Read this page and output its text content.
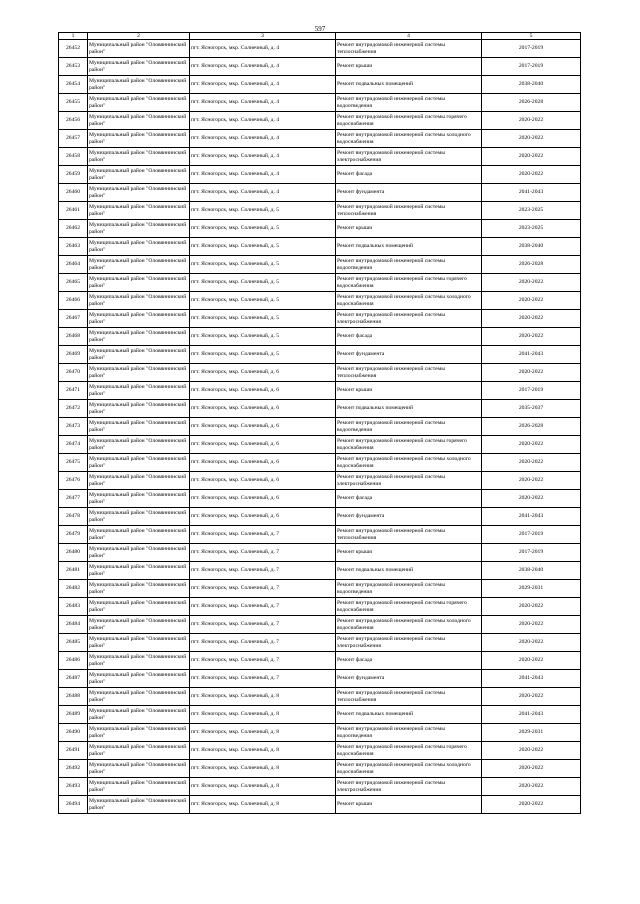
597
1	2	3	4	5
26452	Муниципальный район "Оловяннинский район"	пгт. Ясногорск, мкр. Солнечный, д. 4	Ремонт внутридомовой инженерной системы теплоснабжения	2017-2019
26453	Муниципальный район "Оловяннинский район"	пгт. Ясногорск, мкр. Солнечный, д. 4	Ремонт крыши	2017-2019
26454	Муниципальный район "Оловяннинский район"	пгт. Ясногорск, мкр. Солнечный, д. 4	Ремонт подвальных помещений	2038-2040
26455	Муниципальный район "Оловяннинский район"	пгт. Ясногорск, мкр. Солнечный, д. 4	Ремонт внутридомовой инженерной системы водоотведения	2026-2028
26456	Муниципальный район "Оловяннинский район"	пгт. Ясногорск, мкр. Солнечный, д. 4	Ремонт внутридомовой инженерной системы горячего водоснабжения	2020-2022
26457	Муниципальный район "Оловяннинский район"	пгт. Ясногорск, мкр. Солнечный, д. 4	Ремонт внутридомовой инженерной системы холодного водоснабжения	2020-2022
26458	Муниципальный район "Оловяннинский район"	пгт. Ясногорск, мкр. Солнечный, д. 4	Ремонт внутридомовой инженерной системы электроснабжения	2020-2022
26459	Муниципальный район "Оловяннинский район"	пгт. Ясногорск, мкр. Солнечный, д. 4	Ремонт фасада	2020-2022
26460	Муниципальный район "Оловяннинский район"	пгт. Ясногорск, мкр. Солнечный, д. 4	Ремонт фундамента	2041-2043
26461	Муниципальный район "Оловяннинский район"	пгт. Ясногорск, мкр. Солнечный, д. 5	Ремонт внутридомовой инженерной системы теплоснабжения	2023-2025
26462	Муниципальный район "Оловяннинский район"	пгт. Ясногорск, мкр. Солнечный, д. 5	Ремонт крыши	2023-2025
26463	Муниципальный район "Оловяннинский район"	пгт. Ясногорск, мкр. Солнечный, д. 5	Ремонт подвальных помещений	2038-2040
26464	Муниципальный район "Оловяннинский район"	пгт. Ясногорск, мкр. Солнечный, д. 5	Ремонт внутридомовой инженерной системы водоотведения	2026-2028
26465	Муниципальный район "Оловяннинский район"	пгт. Ясногорск, мкр. Солнечный, д. 5	Ремонт внутридомовой инженерной системы горячего водоснабжения	2020-2022
26466	Муниципальный район "Оловяннинский район"	пгт. Ясногорск, мкр. Солнечный, д. 5	Ремонт внутридомовой инженерной системы холодного водоснабжения	2020-2022
26467	Муниципальный район "Оловяннинский район"	пгт. Ясногорск, мкр. Солнечный, д. 5	Ремонт внутридомовой инженерной системы электроснабжения	2020-2022
26468	Муниципальный район "Оловяннинский район"	пгт. Ясногорск, мкр. Солнечный, д. 5	Ремонт фасада	2020-2022
26469	Муниципальный район "Оловяннинский район"	пгт. Ясногорск, мкр. Солнечный, д. 5	Ремонт фундамента	2041-2043
26470	Муниципальный район "Оловяннинский район"	пгт. Ясногорск, мкр. Солнечный, д. 6	Ремонт внутридомовой инженерной системы теплоснабжения	2020-2022
26471	Муниципальный район "Оловяннинский район"	пгт. Ясногорск, мкр. Солнечный, д. 6	Ремонт крыши	2017-2019
26472	Муниципальный район "Оловяннинский район"	пгт. Ясногорск, мкр. Солнечный, д. 6	Ремонт подвальных помещений	2035-2037
26473	Муниципальный район "Оловяннинский район"	пгт. Ясногорск, мкр. Солнечный, д. 6	Ремонт внутридомовой инженерной системы водоотведения	2026-2028
26474	Муниципальный район "Оловяннинский район"	пгт. Ясногорск, мкр. Солнечный, д. 6	Ремонт внутридомовой инженерной системы горячего водоснабжения	2020-2022
26475	Муниципальный район "Оловяннинский район"	пгт. Ясногорск, мкр. Солнечный, д. 6	Ремонт внутридомовой инженерной системы холодного водоснабжения	2020-2022
26476	Муниципальный район "Оловяннинский район"	пгт. Ясногорск, мкр. Солнечный, д. 6	Ремонт внутридомовой инженерной системы электроснабжения	2020-2022
26477	Муниципальный район "Оловяннинский район"	пгт. Ясногорск, мкр. Солнечный, д. 6	Ремонт фасада	2020-2022
26478	Муниципальный район "Оловяннинский район"	пгт. Ясногорск, мкр. Солнечный, д. 6	Ремонт фундамента	2041-2043
26479	Муниципальный район "Оловяннинский район"	пгт. Ясногорск, мкр. Солнечный, д. 7	Ремонт внутридомовой инженерной системы теплоснабжения	2017-2019
26480	Муниципальный район "Оловяннинский район"	пгт. Ясногорск, мкр. Солнечный, д. 7	Ремонт крыши	2017-2019
26481	Муниципальный район "Оловяннинский район"	пгт. Ясногорск, мкр. Солнечный, д. 7	Ремонт подвальных помещений	2038-2040
26482	Муниципальный район "Оловяннинский район"	пгт. Ясногорск, мкр. Солнечный, д. 7	Ремонт внутридомовой инженерной системы водоотведения	2029-2031
26483	Муниципальный район "Оловяннинский район"	пгт. Ясногорск, мкр. Солнечный, д. 7	Ремонт внутридомовой инженерной системы горячего водоснабжения	2020-2022
26484	Муниципальный район "Оловяннинский район"	пгт. Ясногорск, мкр. Солнечный, д. 7	Ремонт внутридомовой инженерной системы холодного водоснабжения	2020-2022
26485	Муниципальный район "Оловяннинский район"	пгт. Ясногорск, мкр. Солнечный, д. 7	Ремонт внутридомовой инженерной системы электроснабжения	2020-2022
26486	Муниципальный район "Оловяннинский район"	пгт. Ясногорск, мкр. Солнечный, д. 7	Ремонт фасада	2020-2022
26487	Муниципальный район "Оловяннинский район"	пгт. Ясногорск, мкр. Солнечный, д. 7	Ремонт фундамента	2041-2043
26488	Муниципальный район "Оловяннинский район"	пгт. Ясногорск, мкр. Солнечный, д. 8	Ремонт внутридомовой инженерной системы теплоснабжения	2020-2022
26489	Муниципальный район "Оловяннинский район"	пгт. Ясногорск, мкр. Солнечный, д. 8	Ремонт подвальных помещений	2041-2043
26490	Муниципальный район "Оловяннинский район"	пгт. Ясногорск, мкр. Солнечный, д. 8	Ремонт внутридомовой инженерной системы водоотведения	2029-2031
26491	Муниципальный район "Оловяннинский район"	пгт. Ясногорск, мкр. Солнечный, д. 8	Ремонт внутридомовой инженерной системы горячего водоснабжения	2020-2022
26492	Муниципальный район "Оловяннинский район"	пгт. Ясногорск, мкр. Солнечный, д. 8	Ремонт внутридомовой инженерной системы холодного водоснабжения	2020-2022
26493	Муниципальный район "Оловяннинский район"	пгт. Ясногорск, мкр. Солнечный, д. 8	Ремонт внутридомовой инженерной системы электроснабжения	2020-2022
26494	Муниципальный район "Оловяннинский район"	пгт. Ясногорск, мкр. Солнечный, д. 8	Ремонт крыши	2020-2022
